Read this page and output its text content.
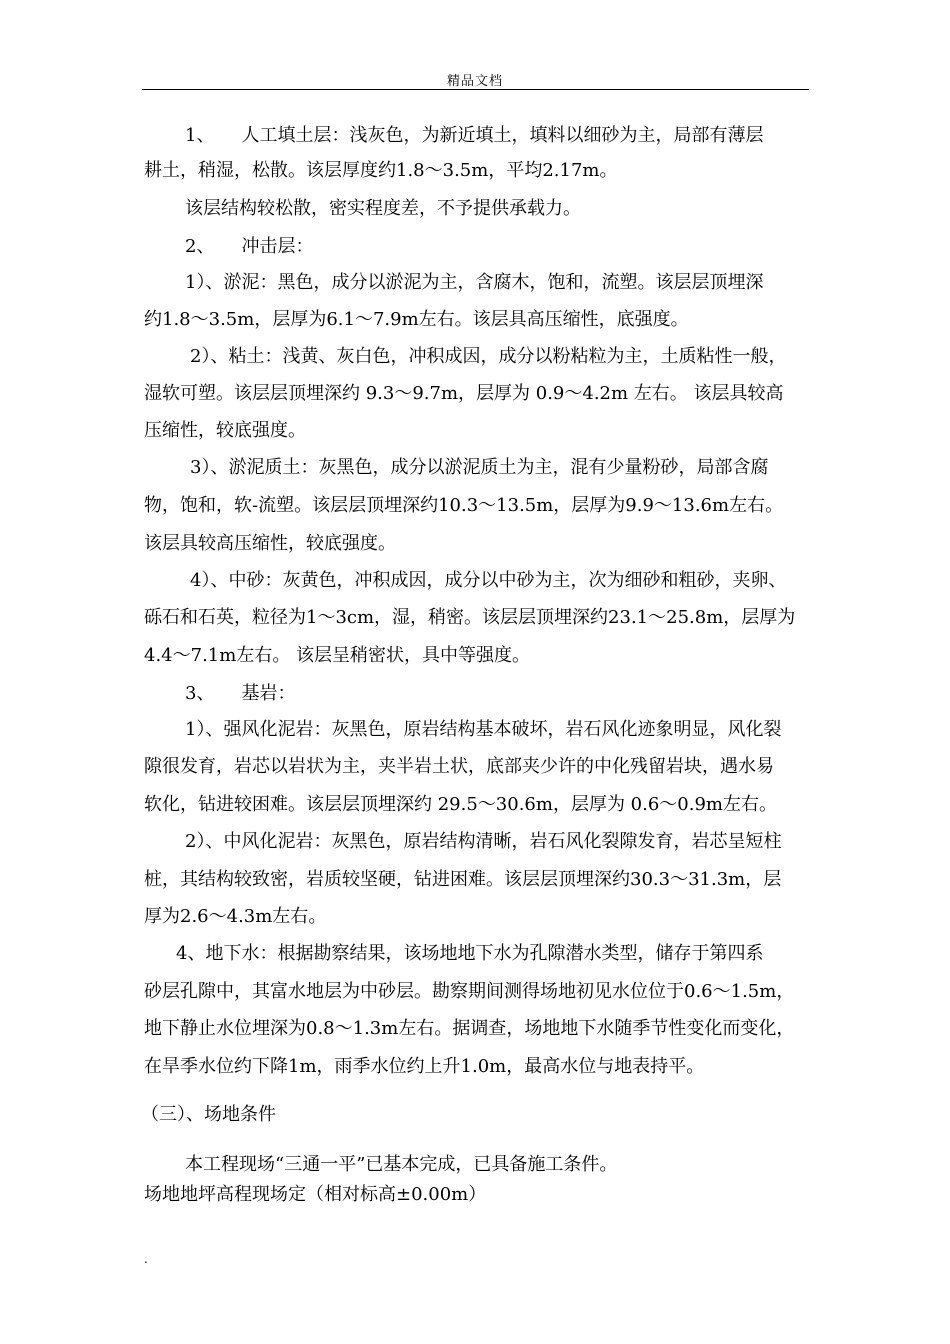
精品文档
1、　　人工填土层：浅灰色，为新近填土，填料以细砂为主，局部有薄层
耕土，稍湿，松散。该层厚度约1.8～3.5m，平均2.17m。
该层结构较松散，密实程度差，不予提供承载力。
2、　　冲击层：
1）、淤泥：黑色，成分以淤泥为主，含腐木，饱和，流塑。该层层顶埋深
约1.8～3.5m，层厚为6.1～7.9m左右。该层具高压缩性，底强度。
2）、粘土：浅黄、灰白色，冲积成因，成分以粉粘粒为主，土质粘性一般，
湿软可塑。该层层顶埋深约 9.3～9.7m，层厚为 0.9～4.2m 左右。 该层具较高
压缩性，较底强度。
3）、淤泥质土：灰黑色，成分以淤泥质土为主，混有少量粉砂，局部含腐
物，饱和，软-流塑。该层层顶埋深约10.3～13.5m，层厚为9.9～13.6m左右。
该层具较高压缩性，较底强度。
4）、中砂：灰黄色，冲积成因，成分以中砂为主，次为细砂和粗砂，夹卵、
砾石和石英，粒径为1～3cm，湿，稍密。该层层顶埋深约23.1～25.8m，层厚为
4.4～7.1m左右。 该层呈稍密状，具中等强度。
3、　　基岩：
1）、强风化泥岩：灰黑色，原岩结构基本破坏，岩石风化迹象明显，风化裂
隙很发育，岩芯以岩状为主，夹半岩土状，底部夹少许的中化残留岩块，遇水易
软化，钻进较困难。该层层顶埋深约 29.5～30.6m，层厚为 0.6～0.9m左右。
2）、中风化泥岩：灰黑色，原岩结构清晰，岩石风化裂隙发育，岩芯呈短柱
桩，其结构较致密，岩质较坚硬，钻进困难。该层层顶埋深约30.3～31.3m，层
厚为2.6～4.3m左右。
4、地下水：根据勘察结果，该场地地下水为孔隙潜水类型，储存于第四系
砂层孔隙中，其富水地层为中砂层。勘察期间测得场地初见水位位于0.6～1.5m，
地下静止水位埋深为0.8～1.3m左右。据调查，场地地下水随季节性变化而变化，
在旱季水位约下降1m，雨季水位约上升1.0m，最高水位与地表持平。
（三）、场地条件
本工程现场“三通一平”已基本完成，已具备施工条件。
场地地坪高程现场定（相对标高±0.00m）
.
